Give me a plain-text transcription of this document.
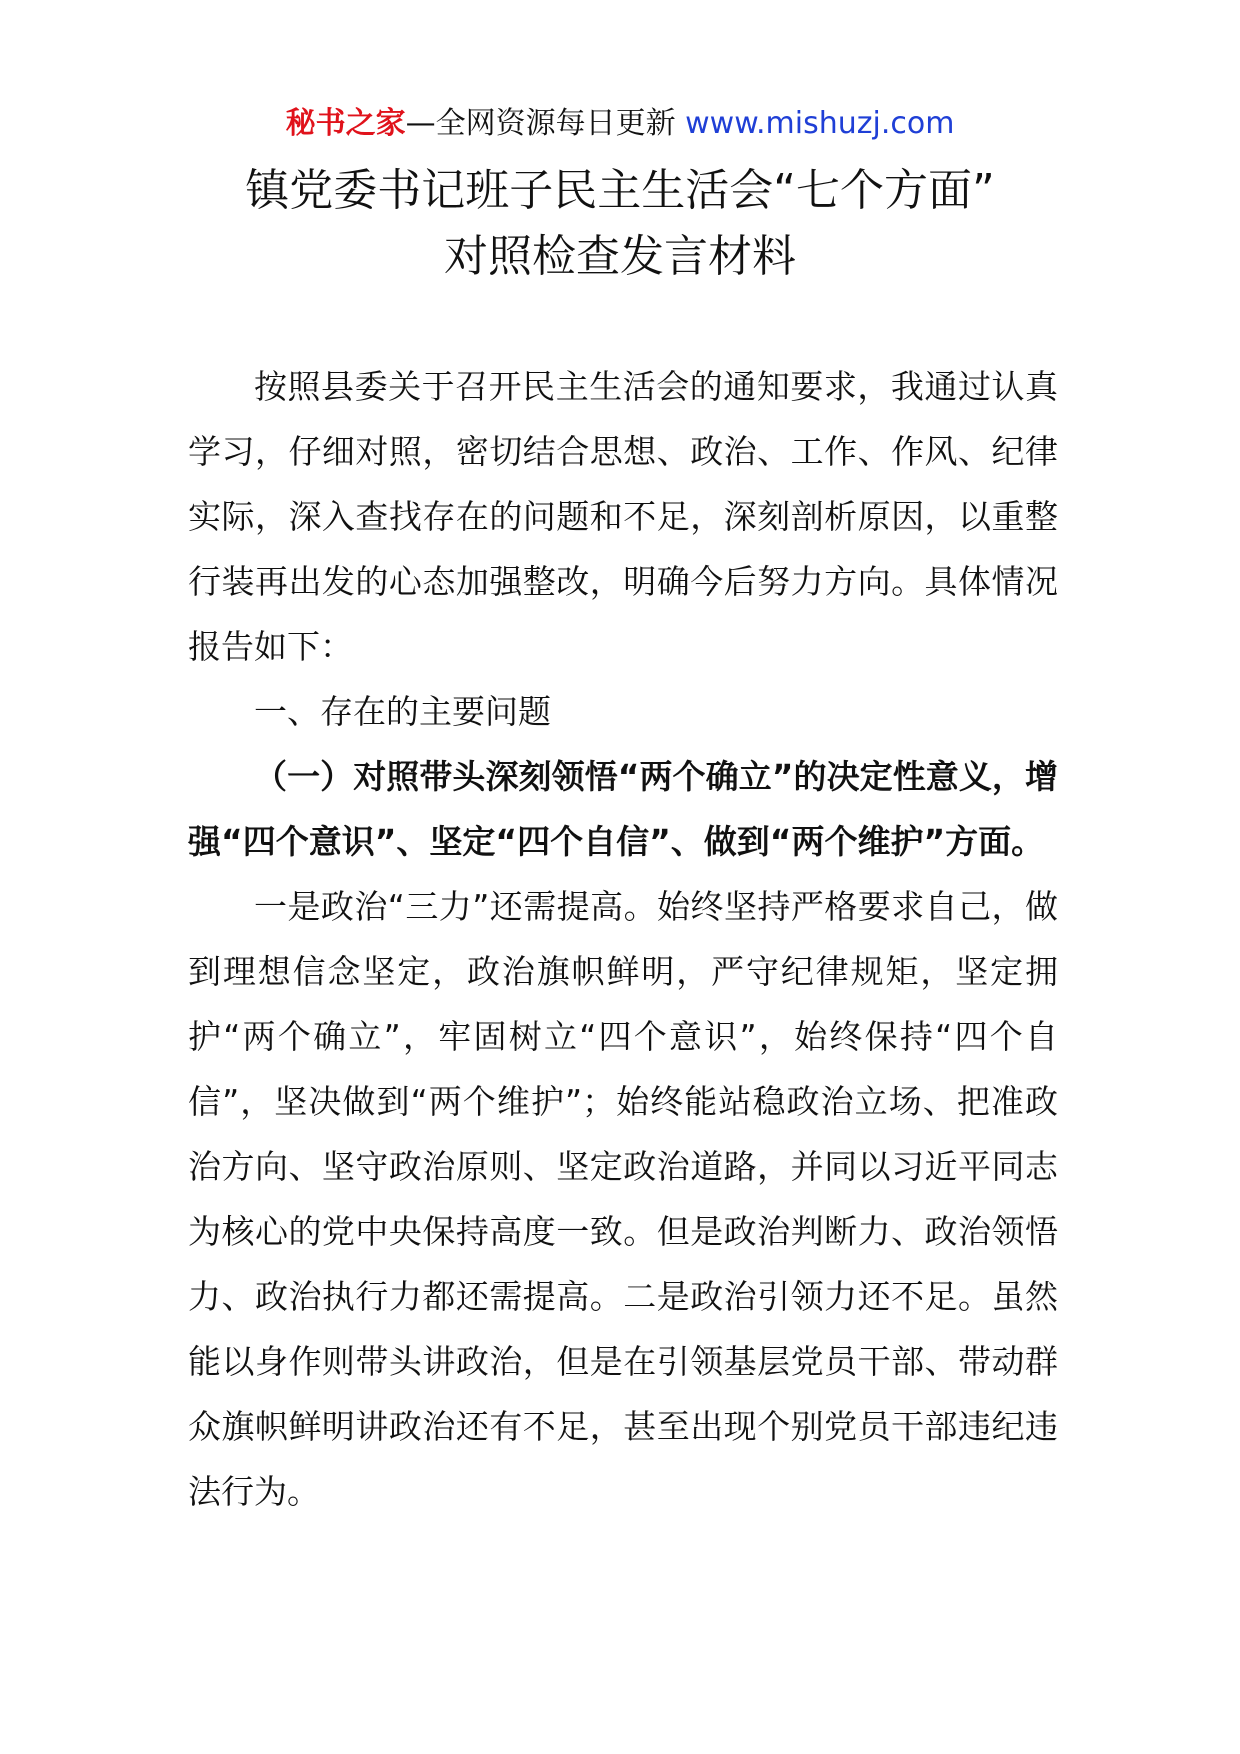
秘书之家—全网资源每日更新 www.mishuzj.com
镇党委书记班子民主生活会“七个方面”
对照检查发言材料

按照县委关于召开民主生活会的通知要求，我通过认真学习，仔细对照，密切结合思想、政治、工作、作风、纪律实际，深入查找存在的问题和不足，深刻剖析原因，以重整行装再出发的心态加强整改，明确今后努力方向。具体情况报告如下：

一、存在的主要问题

（一）对照带头深刻领悟“两个确立”的决定性意义，增强“四个意识”、坚定“四个自信”、做到“两个维护”方面。

一是政治“三力”还需提高。始终坚持严格要求自己，做到理想信念坚定，政治旗帜鲜明，严守纪律规矩，坚定拥护“两个确立”，牢固树立“四个意识”，始终保持“四个自信”，坚决做到“两个维护”；始终能站稳政治立场、把准政治方向、坚守政治原则、坚定政治道路，并同以习近平同志为核心的党中央保持高度一致。但是政治判断力、政治领悟力、政治执行力都还需提高。二是政治引领力还不足。虽然能以身作则带头讲政治，但是在引领基层党员干部、带动群众旗帜鲜明讲政治还有不足，甚至出现个别党员干部违纪违法行为。
